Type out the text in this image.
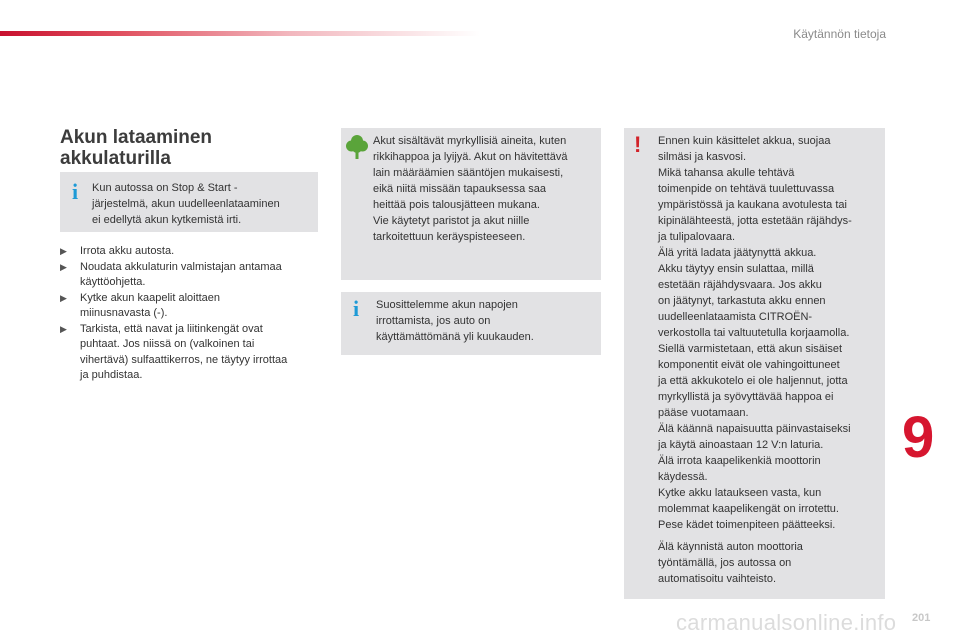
Käytännön tietoja
Akun lataaminen
akkulaturilla
i Kun autossa on Stop & Start -
järjestelmä, akun uudelleenlataaminen
ei edellytä akun kytkemistä irti.
▶ Irrota akku autosta.
▶ Noudata akkulaturin valmistajan antamaa
käyttöohjetta.
▶ Kytke akun kaapelit aloittaen
miinusnavasta (-).
▶ Tarkista, että navat ja liitinkengät ovat
puhtaat. Jos niissä on (valkoinen tai
vihertävä) sulfaattikerros, ne täytyy irrottaa
ja puhdistaa.
Akut sisältävät myrkyllisiä aineita, kuten
rikkihappoa ja lyijyä. Akut on hävitettävä
lain määräämien sääntöjen mukaisesti,
eikä niitä missään tapauksessa saa
heittää pois talousjätteen mukana.
Vie käytetyt paristot ja akut niille
tarkoitettuun keräyspisteeseen.
i Suosittelemme akun napojen
irrottamista, jos auto on
käyttämättömänä yli kuukauden.
! Ennen kuin käsittelet akkua, suojaa
silmäsi ja kasvosi.
Mikä tahansa akulle tehtävä
toimenpide on tehtävä tuulettuvassa
ympäristössä ja kaukana avotulesta tai
kipinälähteestä, jotta estetään räjähdys-
ja tulipalovaara.
Älä yritä ladata jäätynyttä akkua.
Akku täytyy ensin sulattaa, millä
estetään räjähdysvaara. Jos akku
on jäätynyt, tarkastuta akku ennen
uudelleenlataamista CITROËN-
verkostolla tai valtuutetulla korjaamolla.
Siellä varmistetaan, että akun sisäiset
komponentit eivät ole vahingoittuneet
ja että akkukotelo ei ole haljennut, jotta
myrkyllistä ja syövyttävää happoa ei
pääse vuotamaan.
Älä käännä napaisuutta päinvastaiseksi
ja käytä ainoastaan 12 V:n laturia.
Älä irrota kaapelikenkiä moottorin
käydessä.
Kytke akku lataukseen vasta, kun
molemmat kaapelikengät on irrotettu.
Pese kädet toimenpiteen päätteeksi.
Älä käynnistä auton moottoria
työntämällä, jos autossa on
automatisoitu vaihteisto.
9
carmanualsonline.info 201
